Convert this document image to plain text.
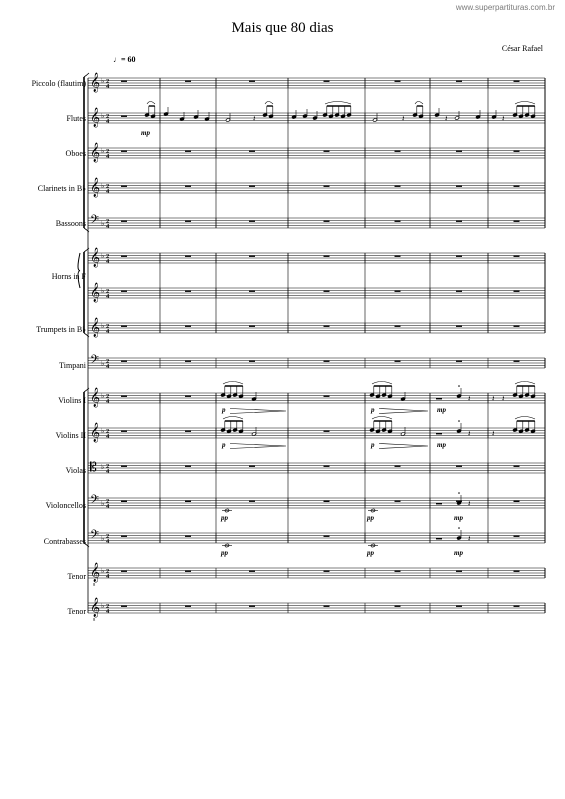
www.superpartituras.com.br
Mais que 80 dias
César Rafael
♩= 60
Piccolo (flautim)
Flutes
Oboes
Clarinets in B♭
Bassoons
Horns in F
Trumpets in B♭
Timpani
Violins I
Violins II
Violas
Violoncellos
Contrabasses
Tenor
Tenor
𝄞 ♭ 2
4
𝄞 ♭ 2
4
𝄞 ♭ 2
4
𝄞 ♭ 2
4
𝄢 ♭ 2
4
𝄞 ♭ 2
4
𝄞 ♭ 2
4
𝄞 ♭ 2
4
𝄢 ♭ 2
4
𝄞 ♭ 2
4
𝄞 ♭ 2
4
𝄡 ♭ 2
4
𝄢 ♭ 2
4
𝄢 ♭ 2
4
𝄞
8
♭ 2
4
𝄞
8
♭ 2
4
𝄽	𝄽	𝄽	𝄽
mp
p	p
𝄽
mp
𝄽 𝄽
p	p
𝄽
mp
𝄽
pp	pp
𝄽
mp
pp	pp
𝄽
mp
